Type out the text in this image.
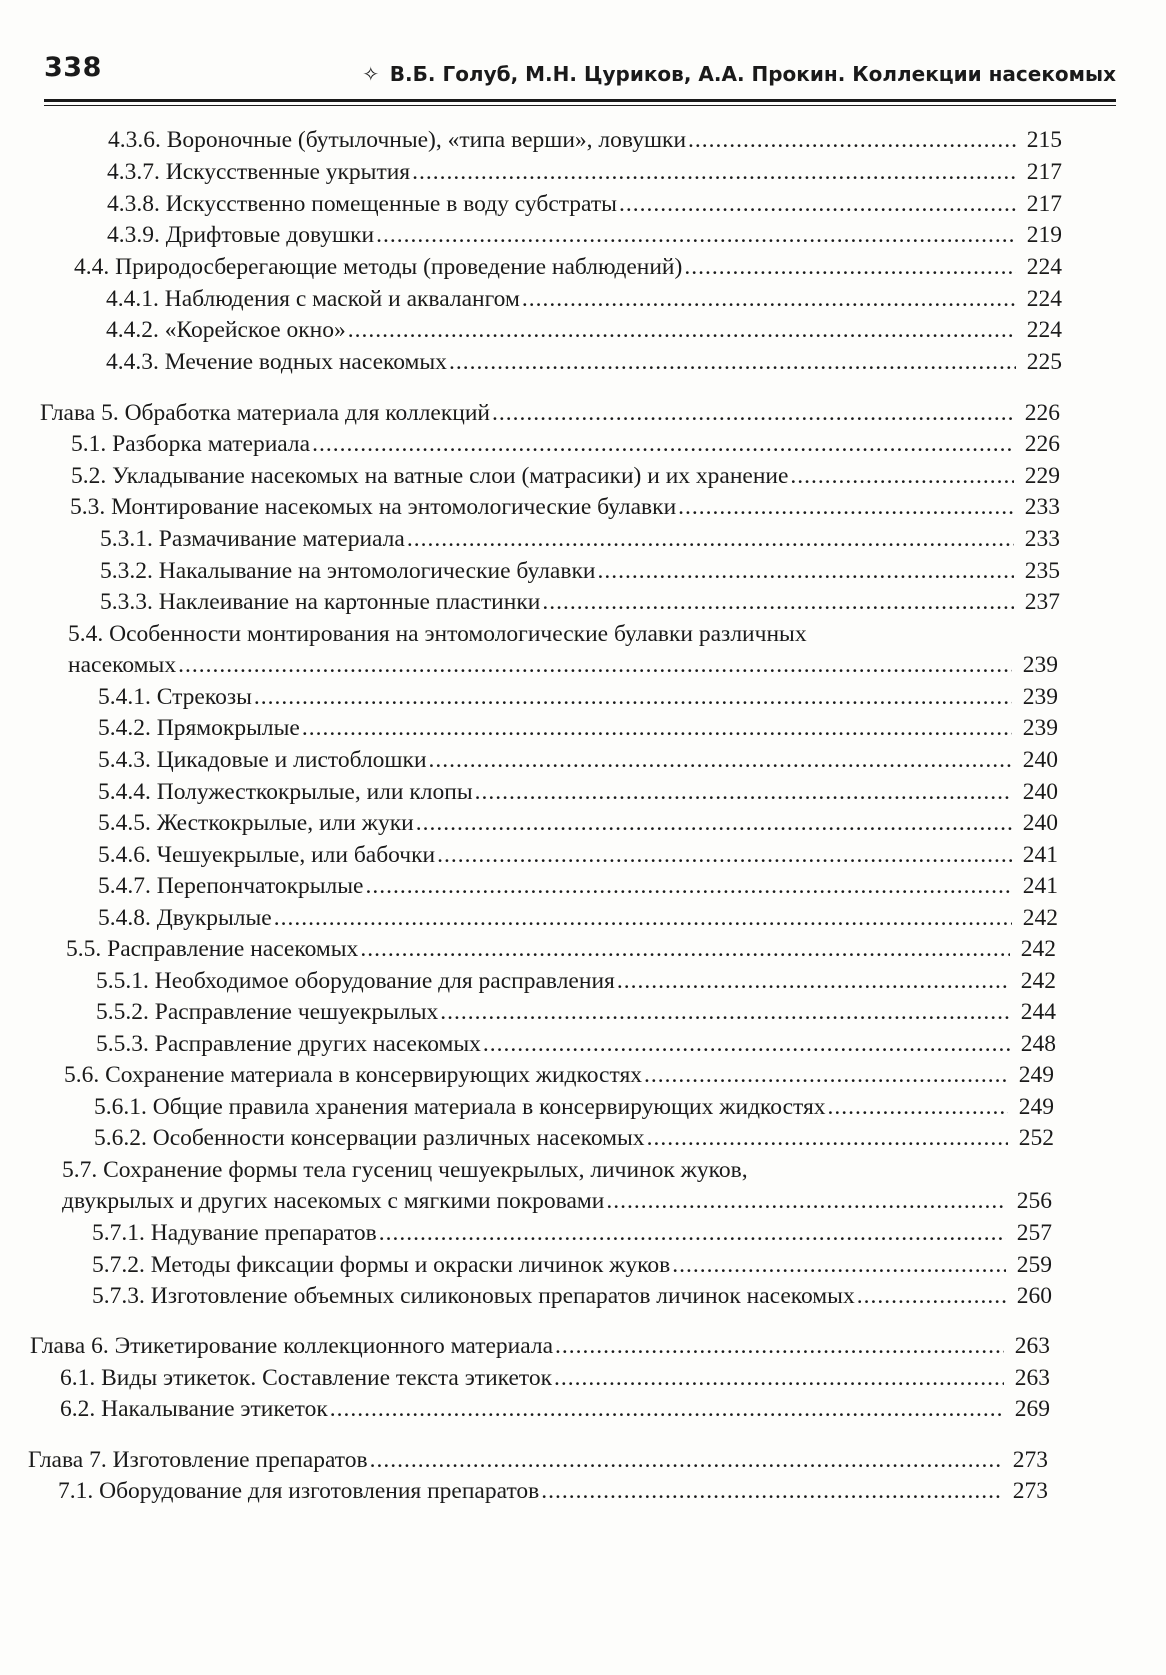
338	✧ В.Б. Голуб, М.Н. Цуриков, А.А. Прокин. Коллекции насекомых
4.3.6. Вороночные (бутылочные), «типа верши», ловушки .....	215
4.3.7. Искусственные укрытия .....	217
4.3.8. Искусственно помещенные в воду субстраты .....	217
4.3.9. Дрифтовые довушки .....	219
4.4. Природосберегающие методы (проведение наблюдений) .....	224
4.4.1. Наблюдения с маской и аквалангом .....	224
4.4.2. «Корейское окно» .....	224
4.4.3. Мечение водных насекомых .....	225
Глава 5. Обработка материала для коллекций .....	226
5.1. Разборка материала .....	226
5.2. Укладывание насекомых на ватные слои (матрасики) и их хранение .....	229
5.3. Монтирование насекомых на энтомологические булавки .....	233
5.3.1. Размачивание материала .....	233
5.3.2. Накалывание на энтомологические булавки .....	235
5.3.3. Наклеивание на картонные пластинки .....	237
5.4. Особенности монтирования на энтомологические булавки различных
насекомых .....	239
5.4.1. Стрекозы .....	239
5.4.2. Прямокрылые .....	239
5.4.3. Цикадовые и листоблошки .....	240
5.4.4. Полужесткокрылые, или клопы .....	240
5.4.5. Жесткокрылые, или жуки .....	240
5.4.6. Чешуекрылые, или бабочки .....	241
5.4.7. Перепончатокрылые .....	241
5.4.8. Двукрылые .....	242
5.5. Расправление насекомых .....	242
5.5.1. Необходимое оборудование для расправления .....	242
5.5.2. Расправление чешуекрылых .....	244
5.5.3. Расправление других насекомых .....	248
5.6. Сохранение материала в консервирующих жидкостях .....	249
5.6.1. Общие правила хранения материала в консервирующих жидкостях .....	249
5.6.2. Особенности консервации различных насекомых .....	252
5.7. Сохранение формы тела гусениц чешуекрылых, личинок жуков,
двукрылых и других насекомых с мягкими покровами .....	256
5.7.1. Надувание препаратов .....	257
5.7.2. Методы фиксации формы и окраски личинок жуков .....	259
5.7.3. Изготовление объемных силиконовых препаратов личинок насекомых .....	260
Глава 6. Этикетирование коллекционного материала .....	263
6.1. Виды этикеток. Составление текста этикеток .....	263
6.2. Накалывание этикеток .....	269
Глава 7. Изготовление препаратов .....	273
7.1. Оборудование для изготовления препаратов .....	273
